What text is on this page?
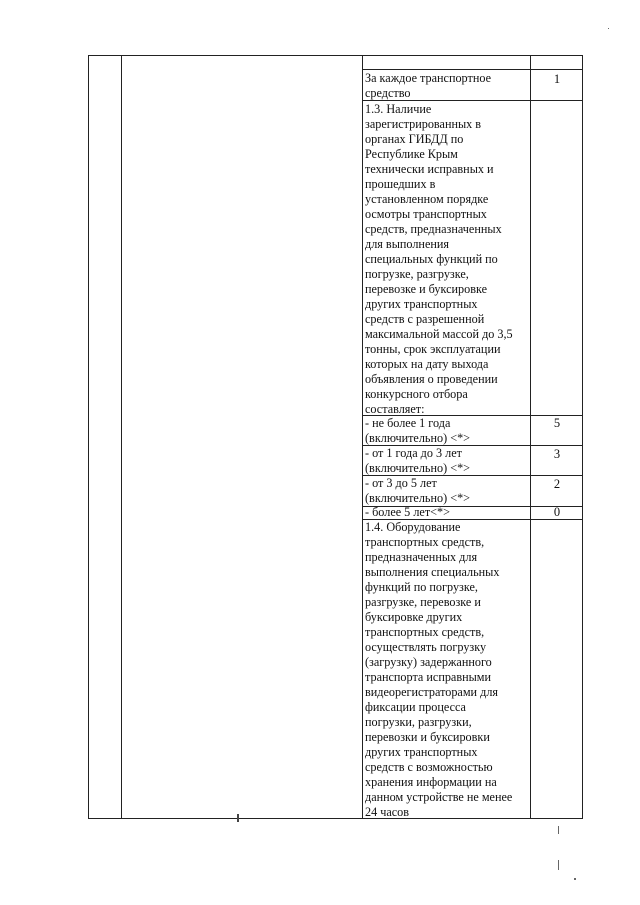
За каждое транспортное
средство
1.3. Наличие
зарегистрированных в
органах ГИБДД по
Республике Крым
технически исправных и
прошедших в
установленном порядке
осмотры транспортных
средств, предназначенных
для выполнения
специальных функций по
погрузке, разгрузке,
перевозке и буксировке
других транспортных
средств с разрешенной
максимальной массой до 3,5
тонны, срок эксплуатации
которых на дату выхода
объявления о проведении
конкурсного отбора
составляет:
- не более 1 года
(включительно) <*>
- от 1 года до 3 лет
(включительно) <*>
- от 3 до 5 лет
(включительно) <*>
- более 5 лет<*>
1.4. Оборудование
транспортных средств,
предназначенных для
выполнения специальных
функций по погрузке,
разгрузке, перевозке и
буксировке других
транспортных средств,
осуществлять погрузку
(загрузку) задержанного
транспорта исправными
видеорегистраторами для
фиксации процесса
погрузки, разгрузки,
перевозки и буксировки
других транспортных
средств с возможностью
хранения информации на
данном устройстве не менее
24 часов
1
5
3
2
0
